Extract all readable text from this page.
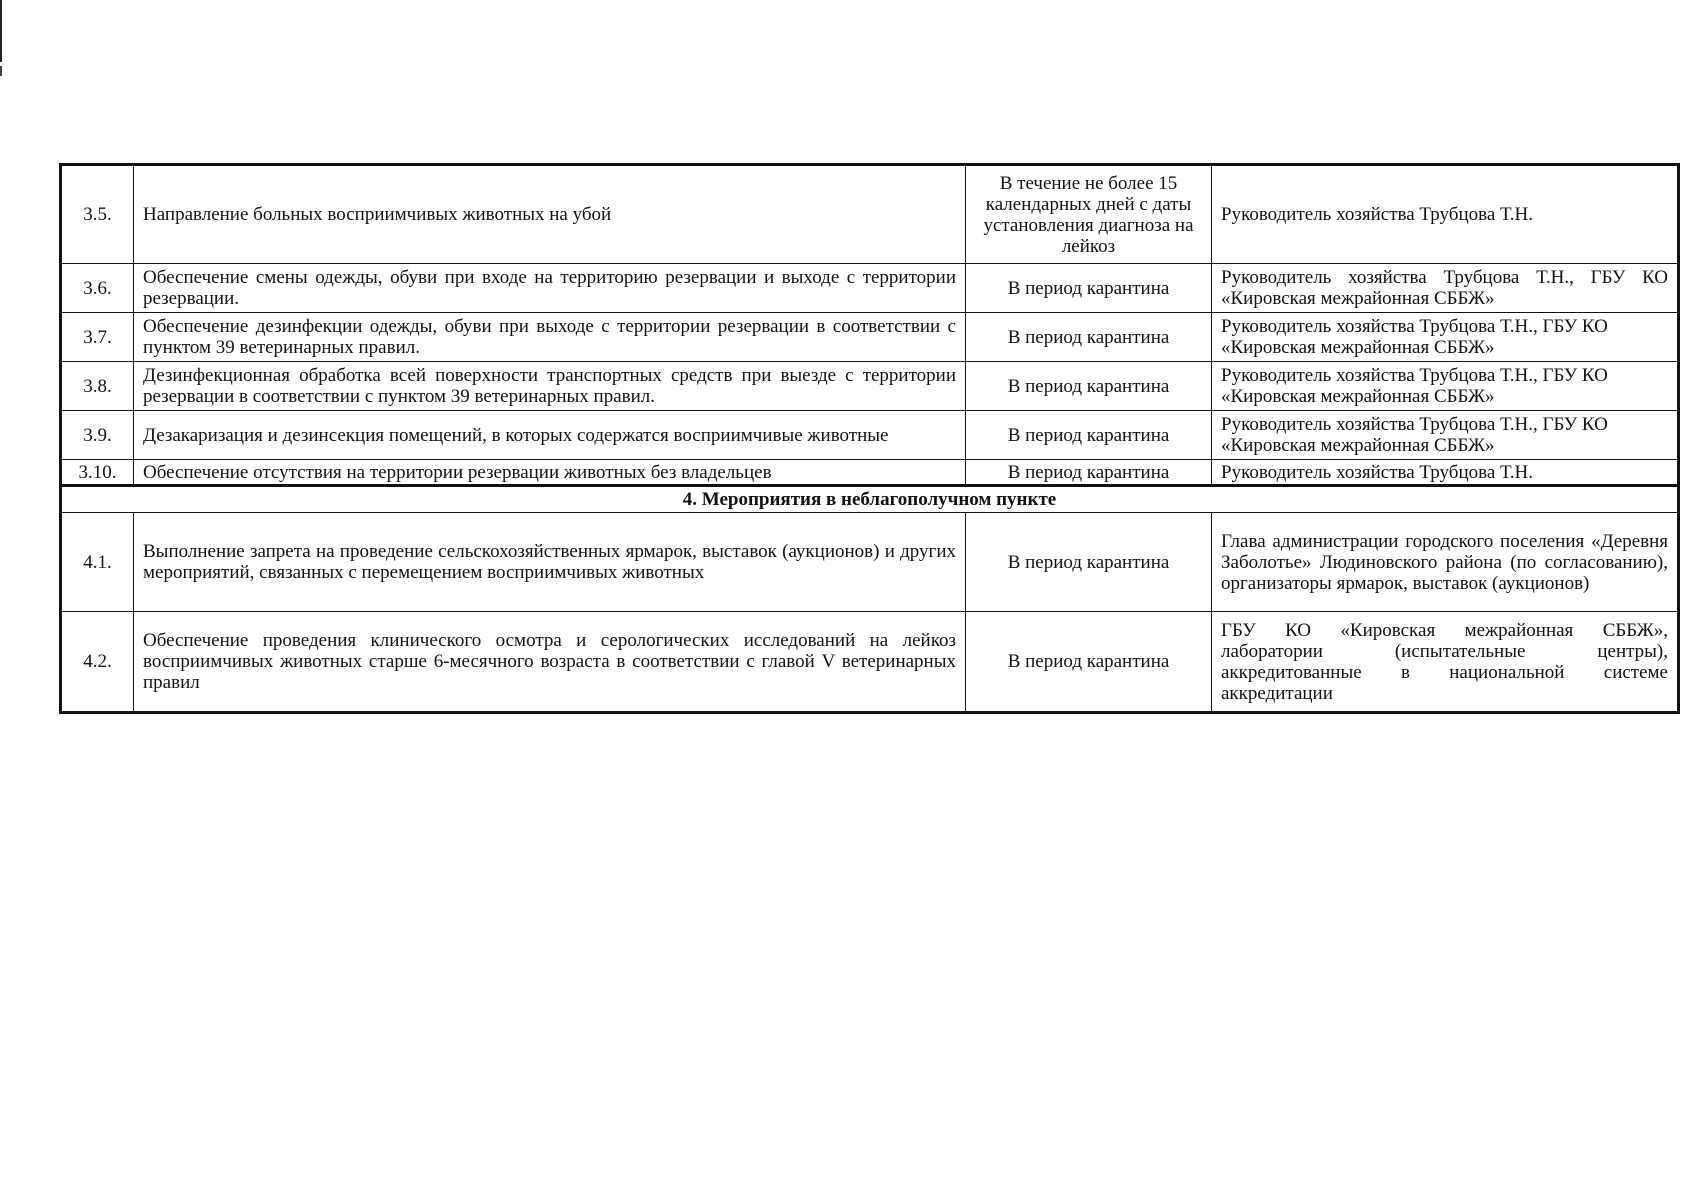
3.5.	Направление больных восприимчивых животных на убой	В течение не более 15 календарных дней с даты установления диагноза на лейкоз	Руководитель хозяйства Трубцова Т.Н.
3.6.	Обеспечение смены одежды, обуви при входе на территорию резервации и выходе с территории резервации.	В период карантина	Руководитель хозяйства Трубцова Т.Н., ГБУ КО «Кировская межрайонная СББЖ»
3.7.	Обеспечение дезинфекции одежды, обуви при выходе с территории резервации в соответствии с пунктом 39 ветеринарных правил.	В период карантина	Руководитель хозяйства Трубцова Т.Н., ГБУ КО «Кировская межрайонная СББЖ»
3.8.	Дезинфекционная обработка всей поверхности транспортных средств при выезде с территории резервации в соответствии с пунктом 39 ветеринарных правил.	В период карантина	Руководитель хозяйства Трубцова Т.Н., ГБУ КО «Кировская межрайонная СББЖ»
3.9.	Дезакаризация и дезинсекция помещений, в которых содержатся восприимчивые животные	В период карантина	Руководитель хозяйства Трубцова Т.Н., ГБУ КО «Кировская межрайонная СББЖ»
3.10.	Обеспечение отсутствия на территории резервации животных без владельцев	В период карантина	Руководитель хозяйства Трубцова Т.Н.
4. Мероприятия в неблагополучном пункте			
4.1.	Выполнение запрета на проведение сельскохозяйственных ярмарок, выставок (аукционов) и других мероприятий, связанных с перемещением восприимчивых животных	В период карантина	Глава администрации городского поселения «Деревня Заболотье» Людиновского района (по согласованию), организаторы ярмарок, выставок (аукционов)
4.2.	Обеспечение проведения клинического осмотра и серологических исследований на лейкоз восприимчивых животных старше 6-месячного возраста в соответствии с главой V ветеринарных правил	В период карантина	ГБУ КО «Кировская межрайонная СББЖ», лаборатории (испытательные центры), аккредитованные в национальной системе аккредитации
